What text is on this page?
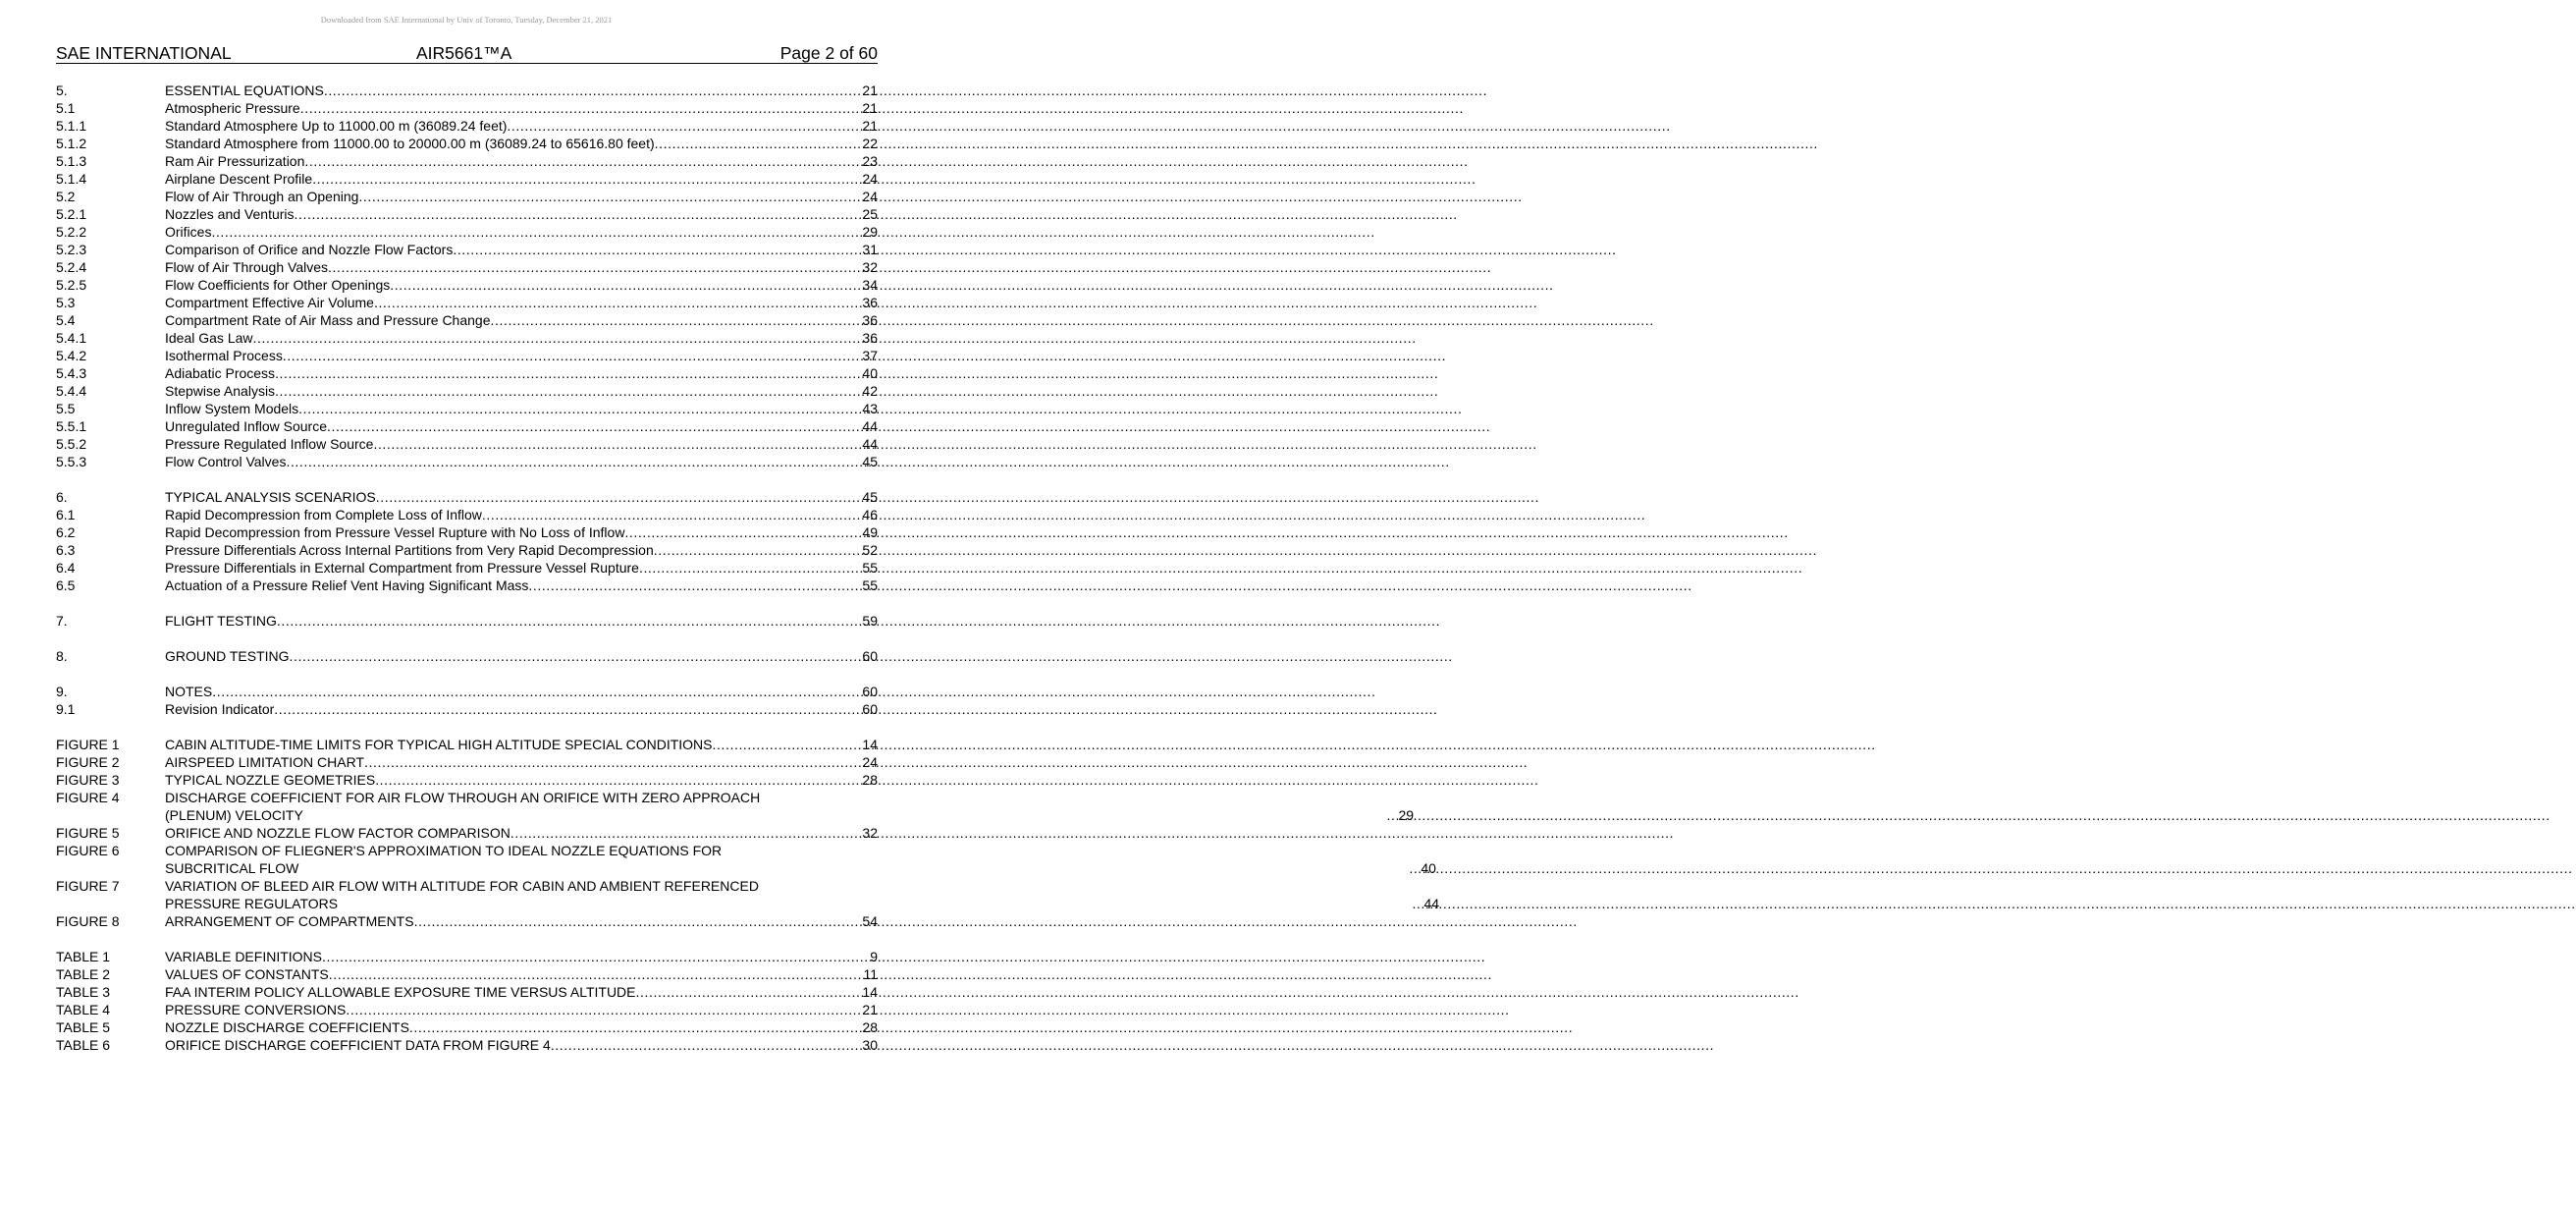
Downloaded from SAE International by Univ of Toronto, Tuesday, December 21, 2021
SAE INTERNATIONAL	AIR5661™A	Page 2 of 60
5.	ESSENTIAL EQUATIONS .....	21
5.1	Atmospheric Pressure .....	21
5.1.1	Standard Atmosphere Up to 11000.00 m (36089.24 feet) .....	21
5.1.2	Standard Atmosphere from 11000.00 to 20000.00 m (36089.24 to 65616.80 feet) .....	22
5.1.3	Ram Air Pressurization .....	23
5.1.4	Airplane Descent Profile .....	24
5.2	Flow of Air Through an Opening .....	24
5.2.1	Nozzles and Venturis .....	25
5.2.2	Orifices .....	29
5.2.3	Comparison of Orifice and Nozzle Flow Factors .....	31
5.2.4	Flow of Air Through Valves .....	32
5.2.5	Flow Coefficients for Other Openings .....	34
5.3	Compartment Effective Air Volume .....	36
5.4	Compartment Rate of Air Mass and Pressure Change .....	36
5.4.1	Ideal Gas Law .....	36
5.4.2	Isothermal Process .....	37
5.4.3	Adiabatic Process .....	40
5.4.4	Stepwise Analysis .....	42
5.5	Inflow System Models .....	43
5.5.1	Unregulated Inflow Source .....	44
5.5.2	Pressure Regulated Inflow Source .....	44
5.5.3	Flow Control Valves .....	45
6.	TYPICAL ANALYSIS SCENARIOS .....	45
6.1	Rapid Decompression from Complete Loss of Inflow .....	46
6.2	Rapid Decompression from Pressure Vessel Rupture with No Loss of Inflow .....	49
6.3	Pressure Differentials Across Internal Partitions from Very Rapid Decompression .....	52
6.4	Pressure Differentials in External Compartment from Pressure Vessel Rupture .....	55
6.5	Actuation of a Pressure Relief Vent Having Significant Mass .....	55
7.	FLIGHT TESTING .....	59
8.	GROUND TESTING .....	60
9.	NOTES .....	60
9.1	Revision Indicator .....	60
FIGURE 1	CABIN ALTITUDE-TIME LIMITS FOR TYPICAL HIGH ALTITUDE SPECIAL CONDITIONS .....	14
FIGURE 2	AIRSPEED LIMITATION CHART .....	24
FIGURE 3	TYPICAL NOZZLE GEOMETRIES .....	28
FIGURE 4	DISCHARGE COEFFICIENT FOR AIR FLOW THROUGH AN ORIFICE WITH ZERO APPROACH
(PLENUM) VELOCITY .....	29
FIGURE 5	ORIFICE AND NOZZLE FLOW FACTOR COMPARISON .....	32
FIGURE 6	COMPARISON OF FLIEGNER'S APPROXIMATION TO IDEAL NOZZLE EQUATIONS FOR
SUBCRITICAL FLOW .....	40
FIGURE 7	VARIATION OF BLEED AIR FLOW WITH ALTITUDE FOR CABIN AND AMBIENT REFERENCED
PRESSURE REGULATORS .....	44
FIGURE 8	ARRANGEMENT OF COMPARTMENTS .....	54
TABLE 1	VARIABLE DEFINITIONS .....	9
TABLE 2	VALUES OF CONSTANTS .....	11
TABLE 3	FAA INTERIM POLICY ALLOWABLE EXPOSURE TIME VERSUS ALTITUDE .....	14
TABLE 4	PRESSURE CONVERSIONS .....	21
TABLE 5	NOZZLE DISCHARGE COEFFICIENTS .....	28
TABLE 6	ORIFICE DISCHARGE COEFFICIENT DATA FROM FIGURE 4 .....	30
